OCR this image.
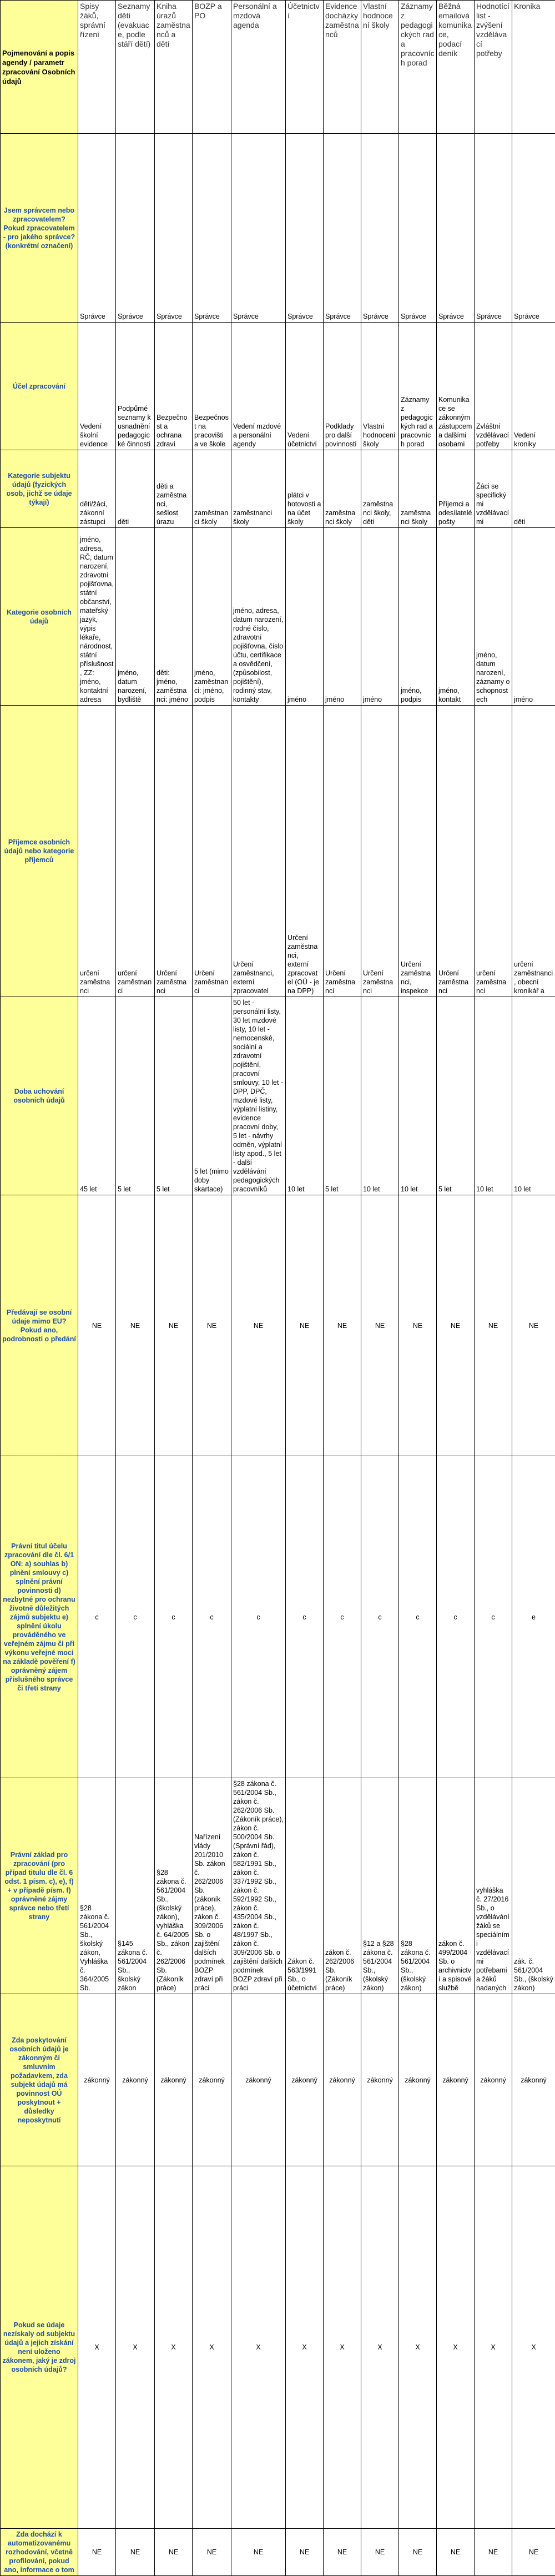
Pojmenování a popis agendy / parametr zpracování Osobních údajů	Spisy žáků, správní řízení	Seznamy dětí (evakuace, podle stáří dětí)	Kniha úrazů zaměstnanců a dětí	BOZP a PO	Personální a mzdová agenda	Účetnictví	Evidence docházky zaměstnanců	Vlastní hodnocení školy	Záznamy z pedagogických rad a pracovních porad	Běžná emailová komunikace, podací deník	Hodnotící list - zvýšení vzdělávací potřeby	Kronika
Jsem správcem nebo zpracovatelem? Pokud zpracovatelem - pro jakého správce? (konkrétní označení)	Správce	Správce	Správce	Správce	Správce	Správce	Správce	Správce	Správce	Správce	Správce	Správce
Účel zpracování	Vedení školní evidence	Podpůrné seznamy k usnadnění pedagogické činnosti	Bezpečnost a ochrana zdraví	Bezpečnost na pracovišti a ve škole	Vedení mzdové a personální agendy	Vedení účetnictví	Podklady pro další povinnosti	Vlastní hodnocení školy	Záznamy z pedagogických rad a pracovních porad	Komunikace se zákonným zástupcem a dalšími osobami	Zvláštní vzdělávací potřeby	Vedení kroniky
Kategorie subjektu údajů (fyzických osob, jichž se údaje týkají)	děti/žáci, zákonní zástupci	děti	děti a zaměstnanci, sešlost úrazu	zaměstnanci školy	zaměstnanci školy	plátci v hotovosti a na účet školy	zaměstnanci školy	zaměstnanci školy, děti	zaměstnanci školy	Příjemci a odesílatelé pošty	Žáci se specifickými vzdělávacími	děti
Kategorie osobních údajů	jméno, adresa, RČ, datum narození, zdravotní pojišťovna, státní občanství, mateřský jazyk, výpis lékaře, národnost, státní příslušnost, ZZ: jméno, kontaktní adresa	jméno, datum narození, bydliště	děti: jméno, zaměstnanci: jméno	jméno, zaměstnanci: jméno, podpis	jméno, adresa, datum narození, rodné číslo, zdravotní pojišťovna, číslo účtu, certifikace a osvědčení, (způsobilost, pojištění), rodinný stav, kontakty	jméno	jméno	jméno	jméno, podpis	jméno, kontakt	jméno, datum narození, záznamy o schopnostech	jméno
Příjemce osobních údajů nebo kategorie příjemců	určení zaměstnanci	určení zaměstnanci	Určení zaměstnanci	Určení zaměstnanci	Určení zaměstnanci, externí zpracovatel	Určení zaměstnanci, externí zpracovatel (OÚ - je na DPP)	Určení zaměstnanci	Určení zaměstnanci	Určení zaměstnanci, inspekce	Určení zaměstnanci	určení zaměstnanci	určení zaměstnanci, obecní kronikář a
Doba uchování osobních údajů	45 let	5 let	5 let	5 let (mimo doby skartace)	50 let - personální listy, 30 let mzdové listy, 10 let - nemocenské, sociální a zdravotní pojištění, pracovní smlouvy, 10 let - DPP, DPČ, mzdové listy, výplatní listiny, evidence pracovní doby, 5 let - návrhy odměn, výplatní listy apod., 5 let - další vzdělávání pedagogických pracovníků	10 let	5 let	10 let	10 let	5 let	10 let	10 let
Předávají se osobní údaje mimo EU? Pokud ano, podrobnosti o předání	NE	NE	NE	NE	NE	NE	NE	NE	NE	NE	NE	NE
Právní titul účelu zpracování dle čl. 6/1 ON: a) souhlas b) plnění smlouvy c) splnění právní povinnosti d) nezbytné pro ochranu životně důležitých zájmů subjektu e) splnění úkolu prováděného ve veřejném zájmu či při výkonu veřejné moci na základě pověření f) oprávněný zájem příslušného správce či třetí strany	c	c	c	c	c	c	c	c	c	c	c	e
Právní základ pro zpracování (pro případ titulu dle čl. 6 odst. 1 písm. c), e), f) + v případě písm. f) oprávněné zájmy správce nebo třetí strany	§28 zákona č. 561/2004 Sb., školský zákon, Vyhláška č. 364/2005 Sb.	§145 zákona č. 561/2004 Sb., školský zákon	§28 zákona č. 561/2004 Sb., (školský zákon), vyhláška č. 64/2005 Sb., zákon č. 262/2006 Sb. (Zákoník práce)	Nařízení vlády 201/2010 Sb. zákon č. 262/2006 Sb. (zákoník práce), zákon č. 309/2006 Sb. o zajištění dalších podmínek BOZP zdraví při práci	§28 zákona č. 561/2004 Sb., zákon č. 262/2006 Sb. (Zákoník práce), zákon č. 500/2004 Sb. (Správní řád), zákon č. 582/1991 Sb., zákon č. 337/1992 Sb., zákon č. 592/1992 Sb., zákon č. 435/2004 Sb., zákon č. 48/1997 Sb., zákon č. 309/2006 Sb. o zajištění dalších podmínek BOZP zdraví při práci	Zákon č. 563/1991 Sb., o účetnictví	zákon č. 262/2006 Sb. (Zákoník práce)	§12 a §28 zákona č. 561/2004 Sb., (školský zákon)	§28 zákona č. 561/2004 Sb., (školský zákon)	zákon č. 499/2004 Sb. o archivnictví a spisové službě	vyhláška č. 27/2016 Sb., o vzdělávání žáků se speciálními vzdělávacími potřebami a žáků nadaných	zák. č. 561/2004 Sb., (školský zákon)
Zda poskytování osobních údajů je zákonným či smluvním požadavkem, zda subjekt údajů má povinnost OÚ poskytnout + důsledky neposkytnutí	zákonný	zákonný	zákonný	zákonný	zákonný	zákonný	zákonný	zákonný	zákonný	zákonný	zákonný	zákonný
Pokud se údaje nezískaly od subjektu údajů a jejich získání není uloženo zákonem, jaký je zdroj osobních údajů?	X	X	X	X	X	X	X	X	X	X	X	X
Zda dochází k automatizovanému rozhodování, včetně profilování, pokud ano, informace o tom	NE	NE	NE	NE	NE	NE	NE	NE	NE	NE	NE	NE
